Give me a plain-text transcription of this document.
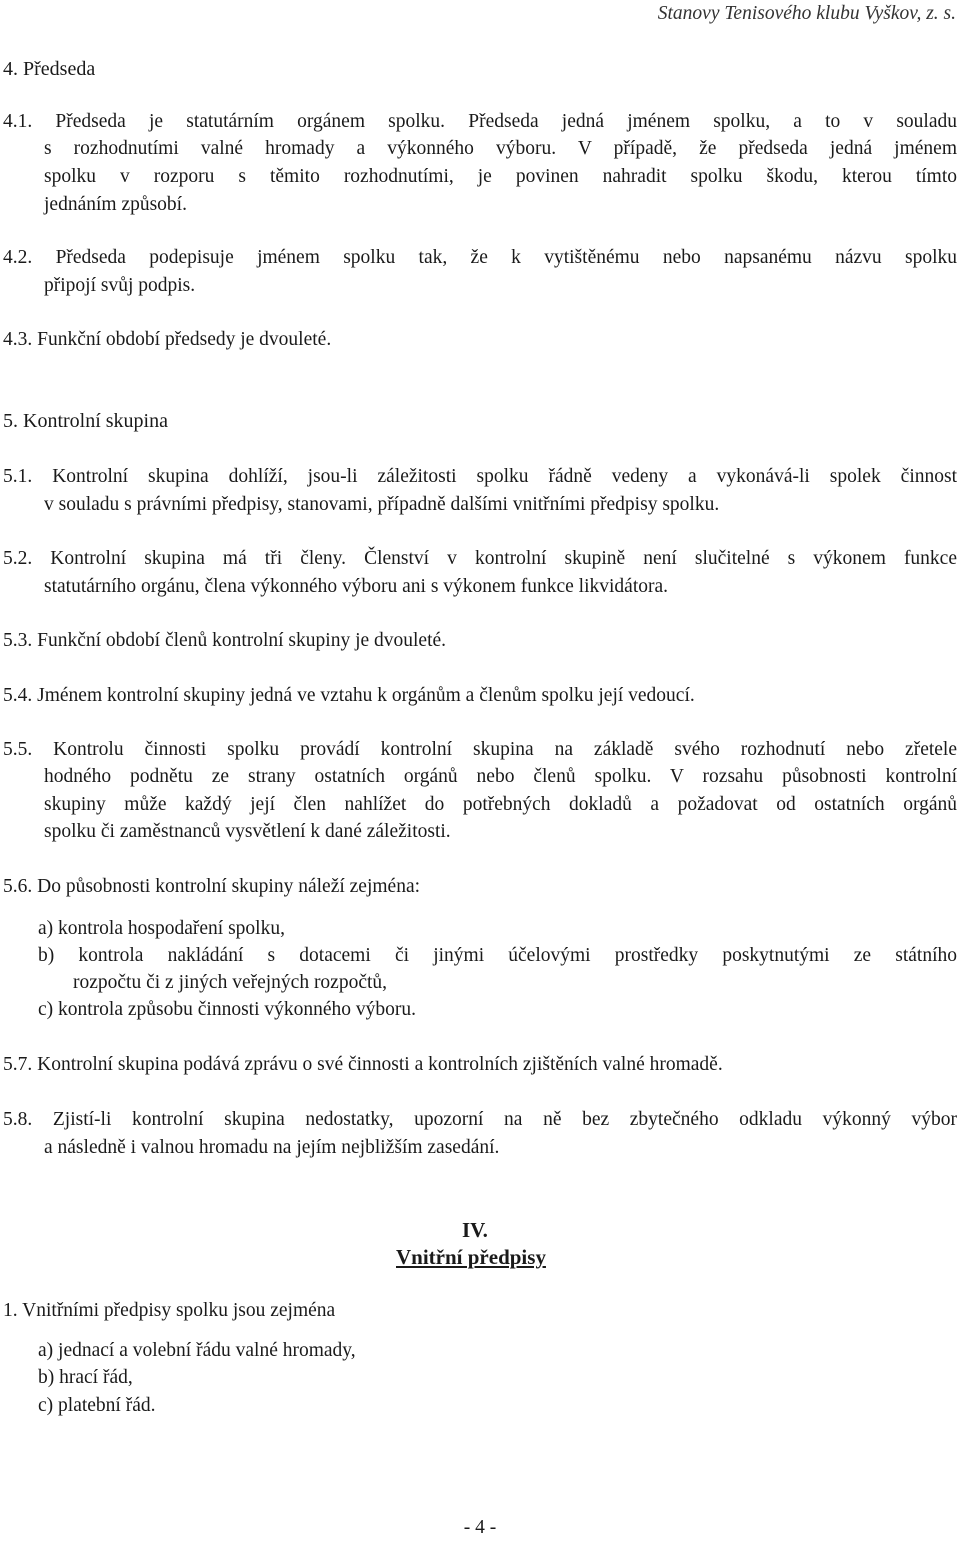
Stanovy Tenisového klubu Vyškov, z. s.
4. Předseda
4.1. Předseda je statutárním orgánem spolku. Předseda jedná jménem spolku, a to v souladu
s rozhodnutími valné hromady a výkonného výboru. V případě, že předseda jedná jménem
spolku v rozporu s těmito rozhodnutími, je povinen nahradit spolku škodu, kterou tímto
jednáním způsobí.
4.2. Předseda podepisuje jménem spolku tak, že k vytištěnému nebo napsanému názvu spolku
připojí svůj podpis.
4.3. Funkční období předsedy je dvouleté.
5. Kontrolní skupina
5.1. Kontrolní skupina dohlíží, jsou-li záležitosti spolku řádně vedeny a vykonává-li spolek činnost
v souladu s právními předpisy, stanovami, případně dalšími vnitřními předpisy spolku.
5.2. Kontrolní skupina má tři členy. Členství v kontrolní skupině není slučitelné s výkonem funkce
statutárního orgánu, člena výkonného výboru ani s výkonem funkce likvidátora.
5.3. Funkční období členů kontrolní skupiny je dvouleté.
5.4. Jménem kontrolní skupiny jedná ve vztahu k orgánům a členům spolku její vedoucí.
5.5. Kontrolu činnosti spolku provádí kontrolní skupina na základě svého rozhodnutí nebo zřetele
hodného podnětu ze strany ostatních orgánů nebo členů spolku. V rozsahu působnosti kontrolní
skupiny může každý její člen nahlížet do potřebných dokladů a požadovat od ostatních orgánů
spolku či zaměstnanců vysvětlení k dané záležitosti.
5.6. Do působnosti kontrolní skupiny náleží zejména:
a) kontrola hospodaření spolku,
b) kontrola nakládání s dotacemi či jinými účelovými prostředky poskytnutými ze státního
rozpočtu či z jiných veřejných rozpočtů,
c) kontrola způsobu činnosti výkonného výboru.
5.7. Kontrolní skupina podává zprávu o své činnosti a kontrolních zjištěních valné hromadě.
5.8. Zjistí-li kontrolní skupina nedostatky, upozorní na ně bez zbytečného odkladu výkonný výbor
a následně i valnou hromadu na jejím nejbližším zasedání.
IV.
Vnitřní předpisy
1. Vnitřními předpisy spolku jsou zejména
a) jednací a volební řádu valné hromady,
b) hrací řád,
c) platební řád.
- 4 -
